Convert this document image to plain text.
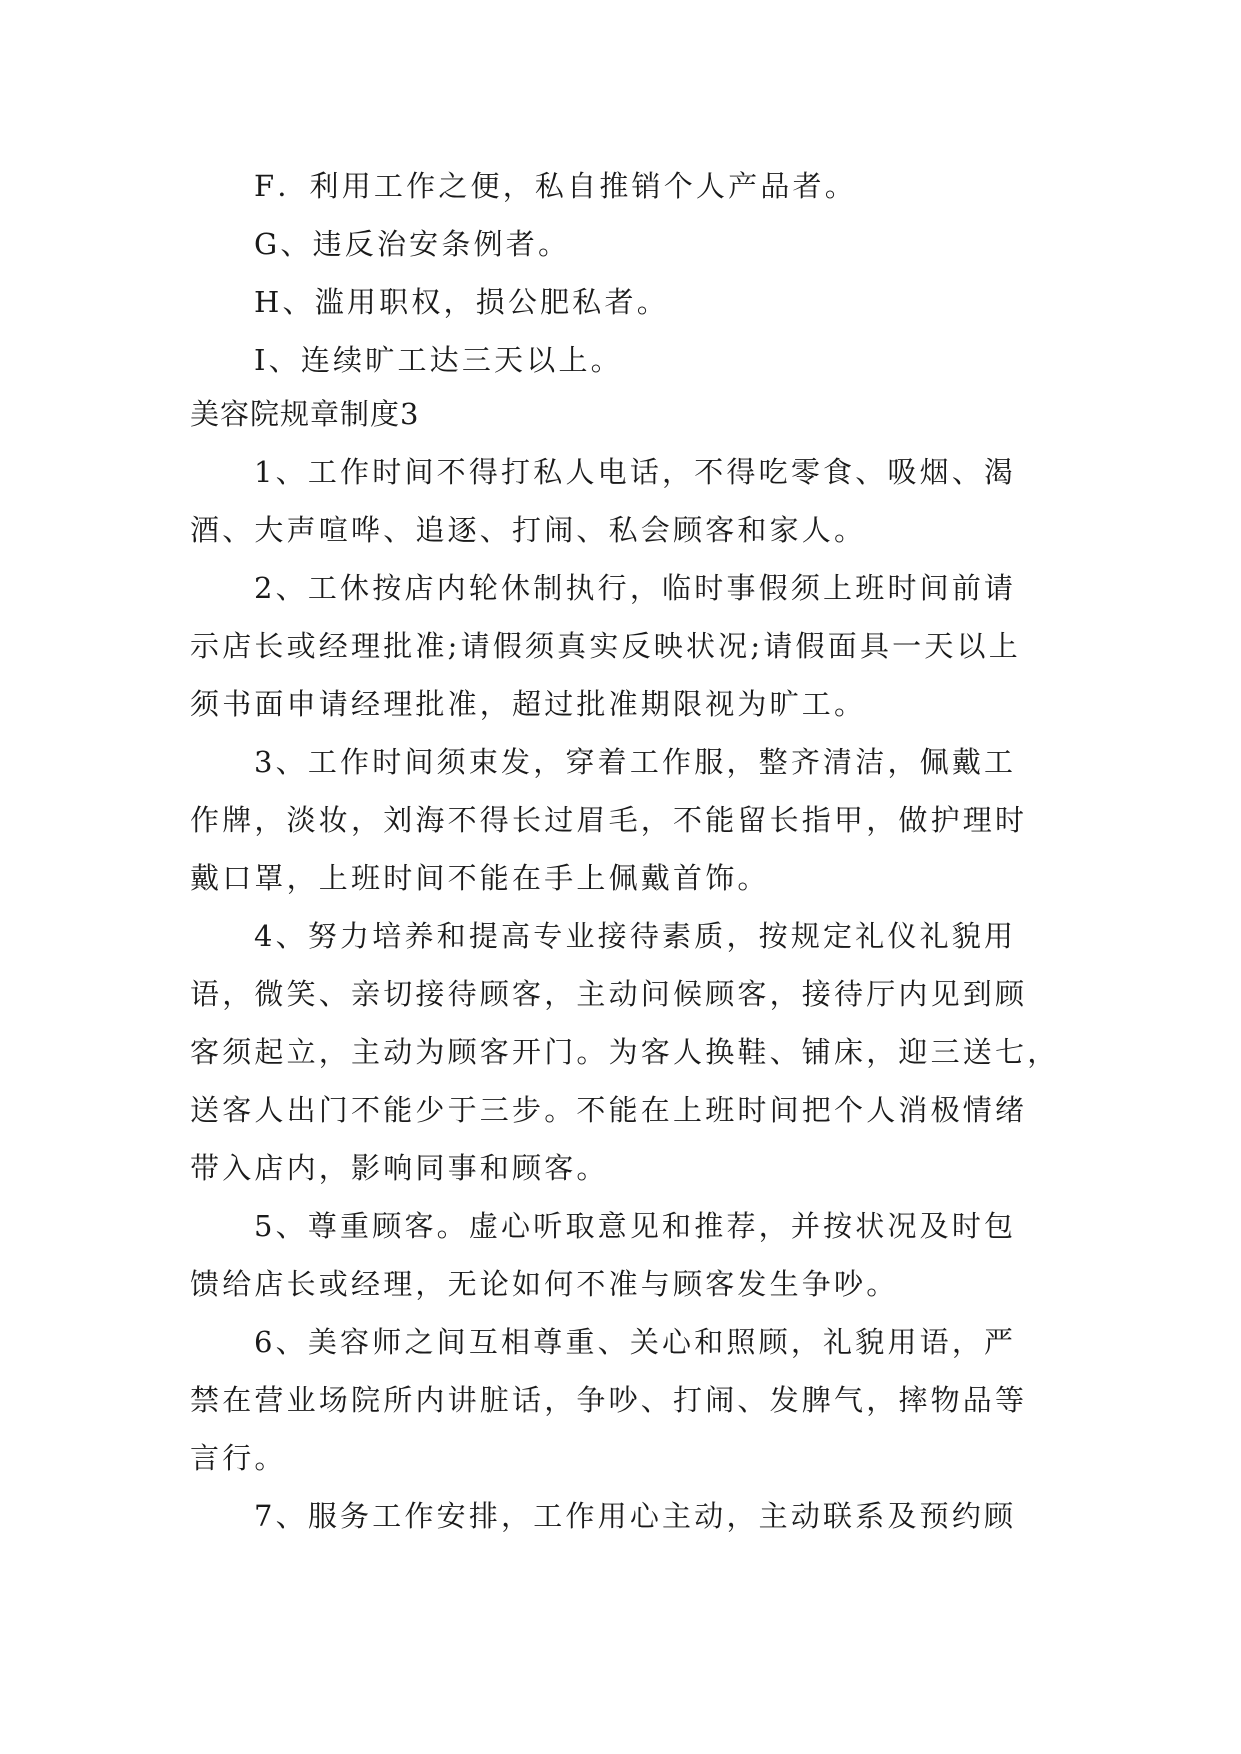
F．利用工作之便，私自推销个人产品者。
G、违反治安条例者。
H、滥用职权，损公肥私者。
I、连续旷工达三天以上。
美容院规章制度3
1、工作时间不得打私人电话，不得吃零食、吸烟、渴
酒、大声喧哗、追逐、打闹、私会顾客和家人。
2、工休按店内轮休制执行，临时事假须上班时间前请
示店长或经理批准;请假须真实反映状况;请假面具一天以上
须书面申请经理批准，超过批准期限视为旷工。
3、工作时间须束发，穿着工作服，整齐清洁，佩戴工
作牌，淡妆，刘海不得长过眉毛，不能留长指甲，做护理时
戴口罩，上班时间不能在手上佩戴首饰。
4、努力培养和提高专业接待素质，按规定礼仪礼貌用
语，微笑、亲切接待顾客，主动问候顾客，接待厅内见到顾
客须起立，主动为顾客开门。为客人换鞋、铺床，迎三送七，
送客人出门不能少于三步。不能在上班时间把个人消极情绪
带入店内，影响同事和顾客。
5、尊重顾客。虚心听取意见和推荐，并按状况及时包
馈给店长或经理，无论如何不准与顾客发生争吵。
6、美容师之间互相尊重、关心和照顾，礼貌用语，严
禁在营业场院所内讲脏话，争吵、打闹、发脾气，摔物品等
言行。
7、服务工作安排，工作用心主动，主动联系及预约顾
